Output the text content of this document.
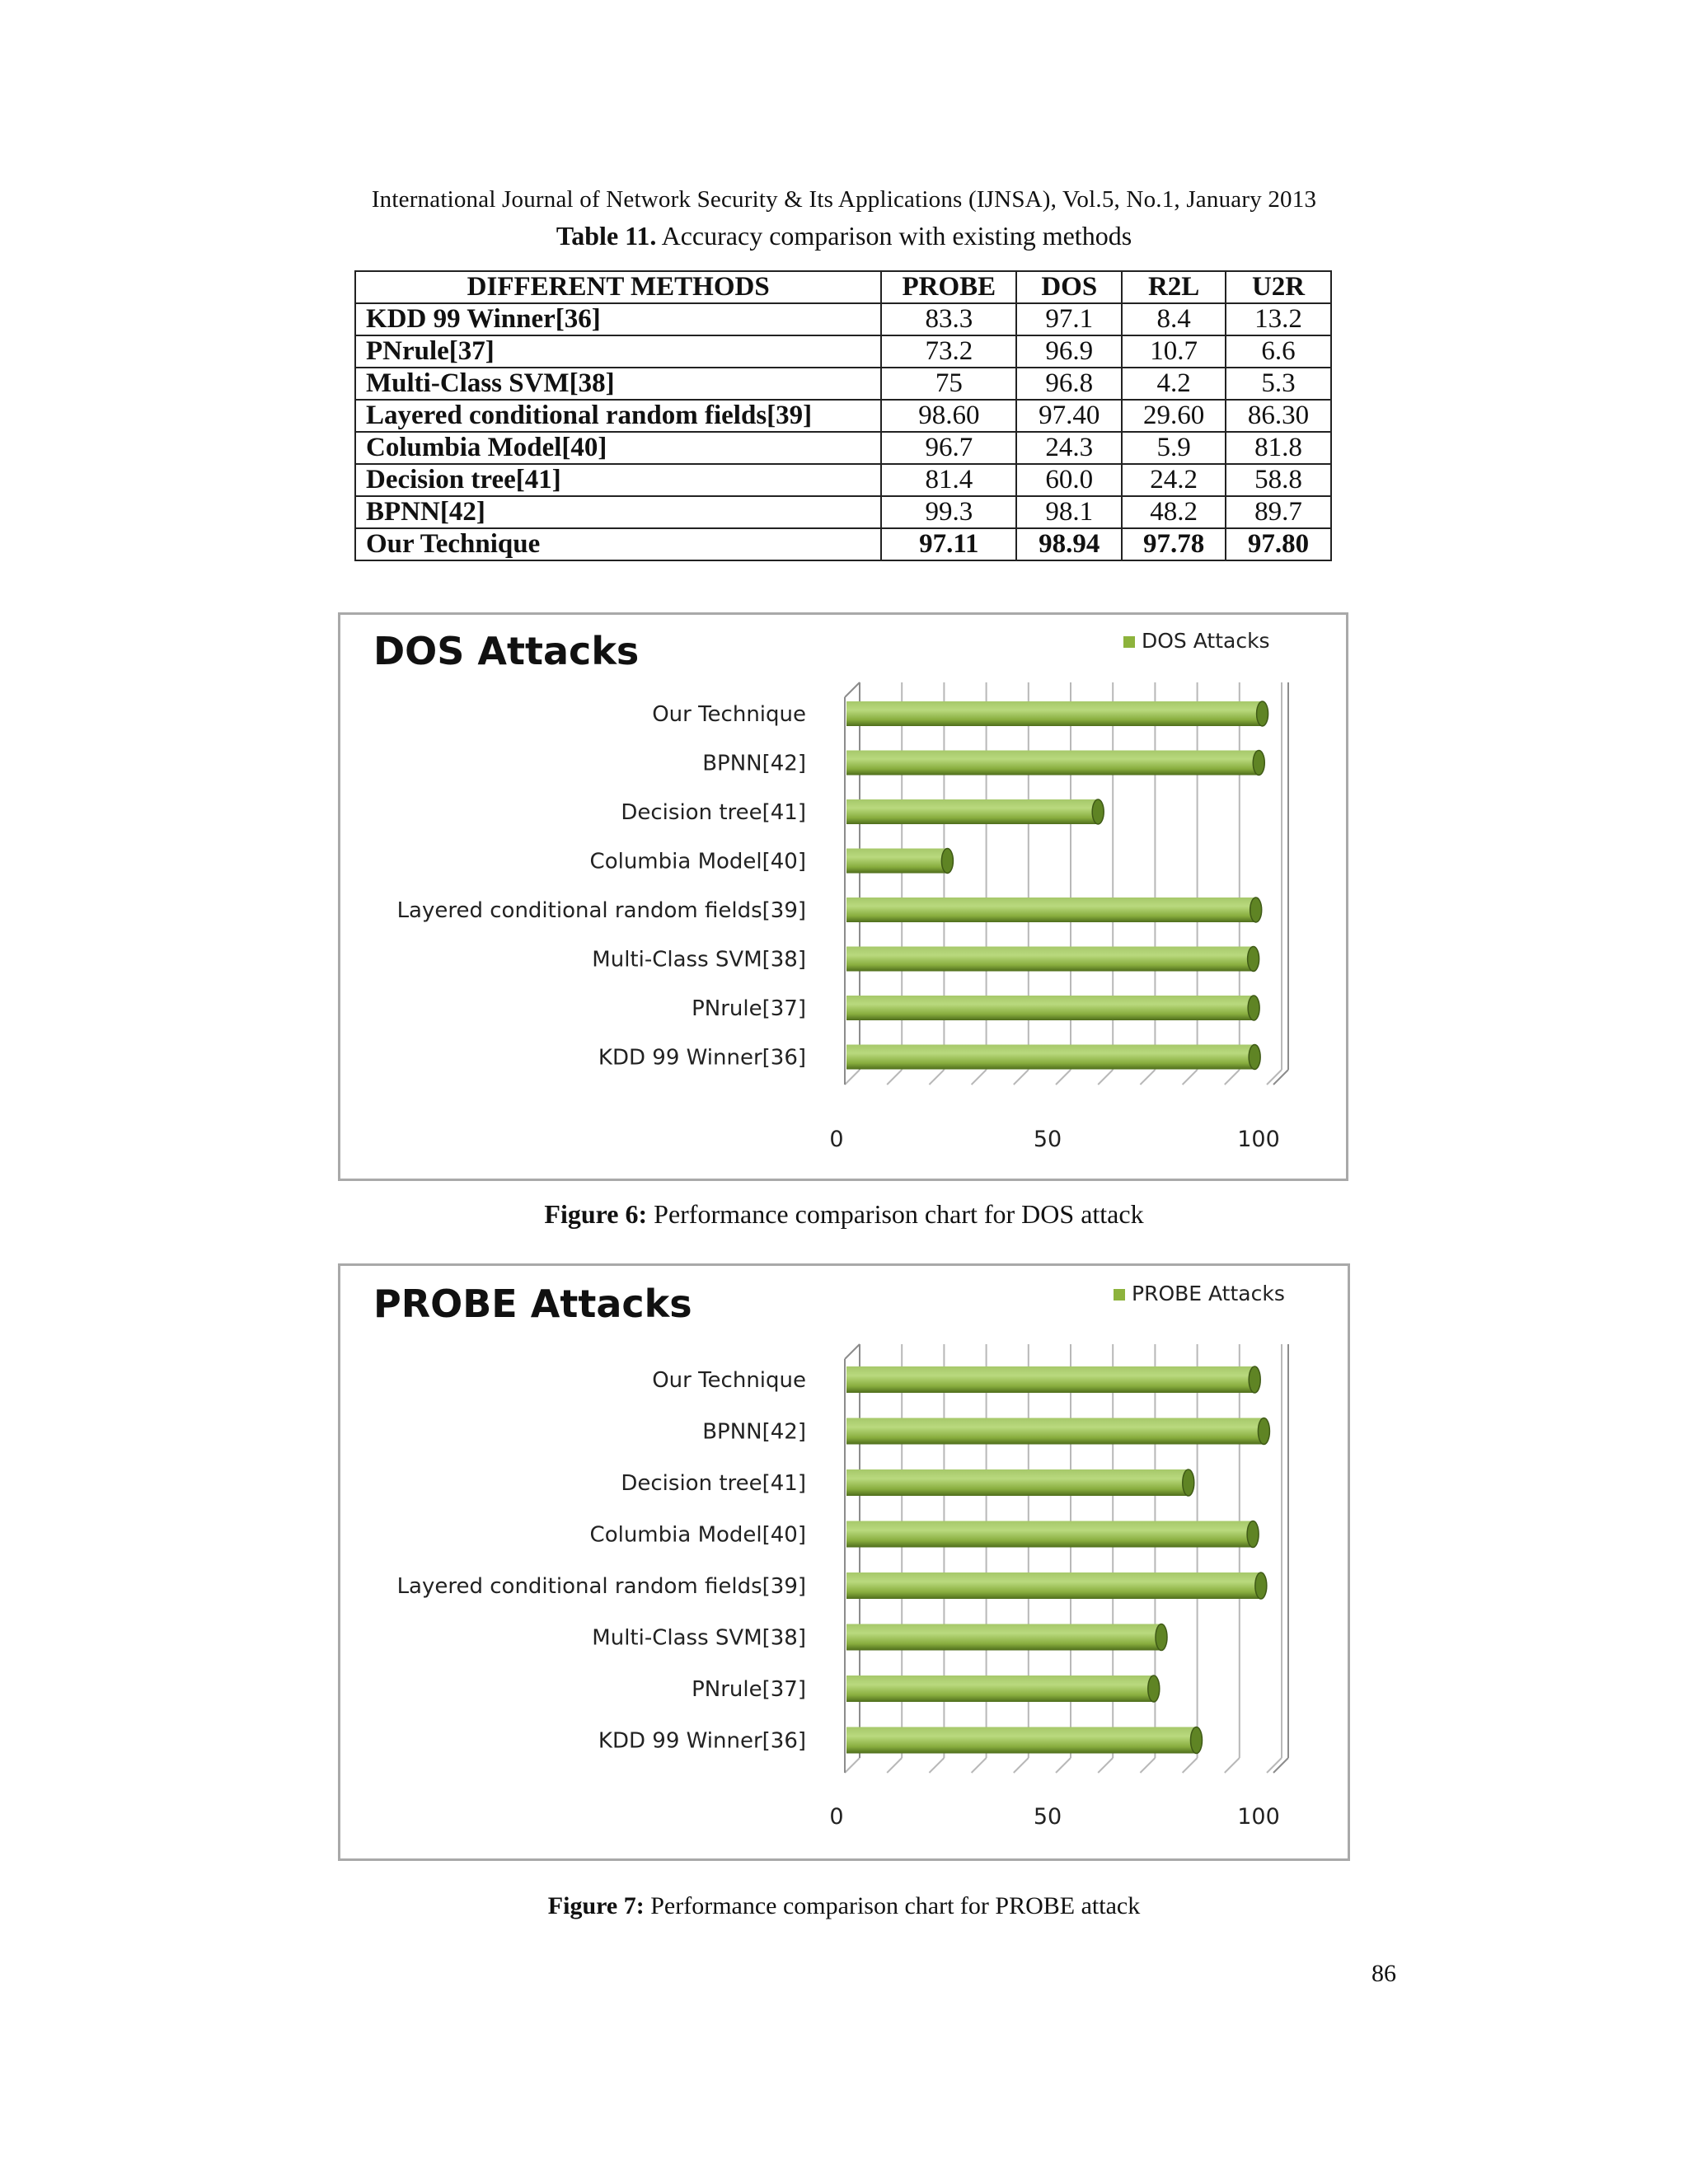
International Journal of Network Security & Its Applications (IJNSA), Vol.5, No.1, January 2013
Table 11. Accuracy comparison with existing methods
DIFFERENT METHODS	PROBE	DOS	R2L	U2R
KDD 99 Winner[36]	83.3	97.1	8.4	13.2
PNrule[37]	73.2	96.9	10.7	6.6
Multi-Class SVM[38]	75	96.8	4.2	5.3
Layered conditional random fields[39]	98.60	97.40	29.60	86.30
Columbia Model[40]	96.7	24.3	5.9	81.8
Decision tree[41]	81.4	60.0	24.2	58.8
BPNN[42]	99.3	98.1	48.2	89.7
Our Technique	97.11	98.94	97.78	97.80
DOS Attacks	DOS Attacks
Our Technique
BPNN[42]
Decision tree[41]
Columbia Model[40]
Layered conditional random fields[39]
Multi-Class SVM[38]
PNrule[37]
KDD 99 Winner[36]
0	50	100
Figure 6: Performance comparison chart for DOS attack
PROBE Attacks	PROBE Attacks
Our Technique
BPNN[42]
Decision tree[41]
Columbia Model[40]
Layered conditional random fields[39]
Multi-Class SVM[38]
PNrule[37]
KDD 99 Winner[36]
0	50	100
Figure 7: Performance comparison chart for PROBE attack
86
